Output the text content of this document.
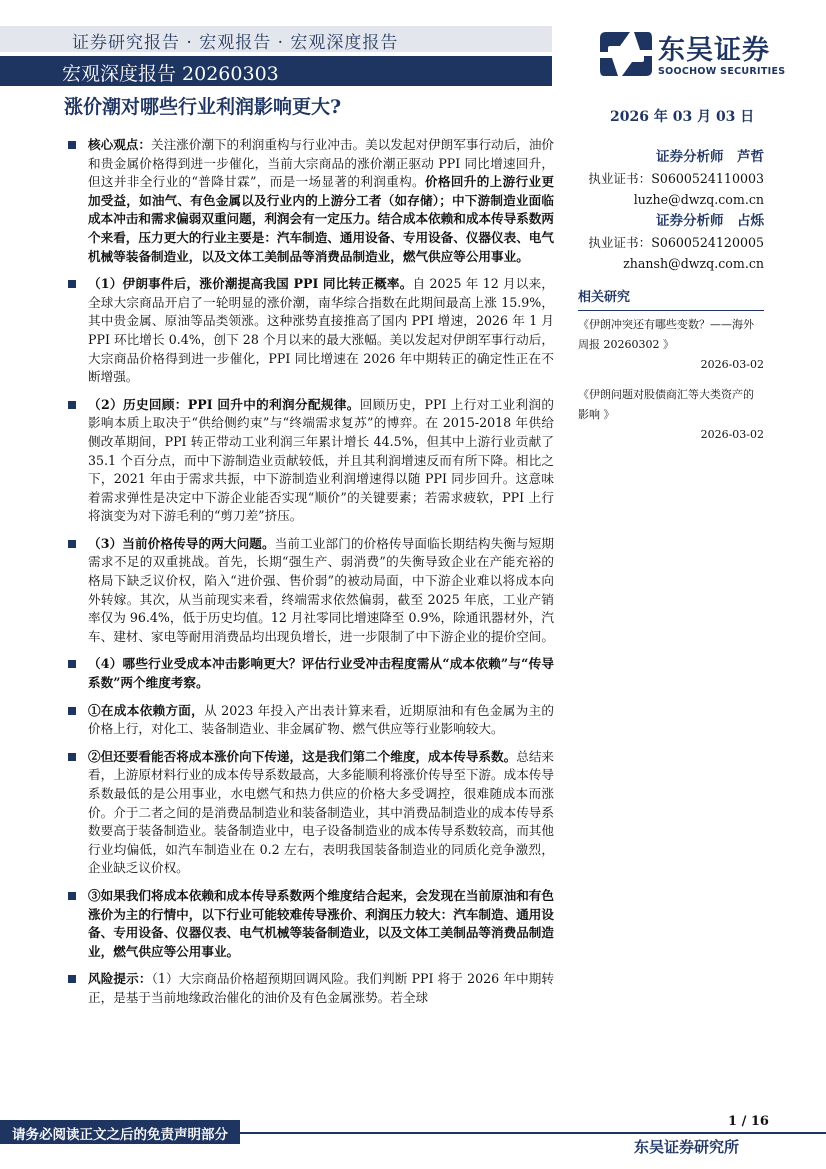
证券研究报告 · 宏观报告 · 宏观深度报告
宏观深度报告 20260303
东吴证券
SOOCHOW SECURITIES
涨价潮对哪些行业利润影响更大?	2026 年 03 月 03 日
核心观点：关注涨价潮下的利润重构与行业冲击。美以发起对伊朗军事行动后，油价和贵金属价格得到进一步催化，当前大宗商品的涨价潮正驱动 PPI 同比增速回升，但这并非全行业的“普降甘霖”，而是一场显著的利润重构。价格回升的上游行业更加受益，如油气、有色金属以及行业内的上游分工者（如存储）；中下游制造业面临成本冲击和需求偏弱双重问题，利润会有一定压力。结合成本依赖和成本传导系数两个来看，压力更大的行业主要是：汽车制造、通用设备、专用设备、仪器仪表、电气机械等装备制造业，以及文体工美制品等消费品制造业，燃气供应等公用事业。
（1）伊朗事件后，涨价潮提高我国 PPI 同比转正概率。自 2025 年 12 月以来，全球大宗商品开启了一轮明显的涨价潮，南华综合指数在此期间最高上涨 15.9%，其中贵金属、原油等品类领涨。这种涨势直接推高了国内 PPI 增速，2026 年 1 月 PPI 环比增长 0.4%，创下 28 个月以来的最大涨幅。美以发起对伊朗军事行动后，大宗商品价格得到进一步催化，PPI 同比增速在 2026 年中期转正的确定性正在不断增强。
（2）历史回顾：PPI 回升中的利润分配规律。回顾历史，PPI 上行对工业利润的影响本质上取决于“供给侧约束”与“终端需求复苏”的博弈。在 2015-2018 年供给侧改革期间，PPI 转正带动工业利润三年累计增长 44.5%，但其中上游行业贡献了 35.1 个百分点，而中下游制造业贡献较低，并且其利润增速反而有所下降。相比之下，2021 年由于需求共振，中下游制造业利润增速得以随 PPI 同步回升。这意味着需求弹性是决定中下游企业能否实现“顺价”的关键要素；若需求疲软，PPI 上行将演变为对下游毛利的“剪刀差”挤压。
（3）当前价格传导的两大问题。当前工业部门的价格传导面临长期结构失衡与短期需求不足的双重挑战。首先，长期“强生产、弱消费”的失衡导致企业在产能充裕的格局下缺乏议价权，陷入“进价强、售价弱”的被动局面，中下游企业难以将成本向外转嫁。其次，从当前现实来看，终端需求依然偏弱，截至 2025 年底，工业产销率仅为 96.4%，低于历史均值。12 月社零同比增速降至 0.9%，除通讯器材外，汽车、建材、家电等耐用消费品均出现负增长，进一步限制了中下游企业的提价空间。
（4）哪些行业受成本冲击影响更大？评估行业受冲击程度需从“成本依赖”与“传导系数”两个维度考察。
①在成本依赖方面，从 2023 年投入产出表计算来看，近期原油和有色金属为主的价格上行，对化工、装备制造业、非金属矿物、燃气供应等行业影响较大。
②但还要看能否将成本涨价向下传递，这是我们第二个维度，成本传导系数。总结来看，上游原材料行业的成本传导系数最高，大多能顺利将涨价传导至下游。成本传导系数最低的是公用事业，水电燃气和热力供应的价格大多受调控，很难随成本而涨价。介于二者之间的是消费品制造业和装备制造业，其中消费品制造业的成本传导系数要高于装备制造业。装备制造业中，电子设备制造业的成本传导系数较高，而其他行业均偏低，如汽车制造业在 0.2 左右，表明我国装备制造业的同质化竞争激烈，企业缺乏议价权。
③如果我们将成本依赖和成本传导系数两个维度结合起来，会发现在当前原油和有色涨价为主的行情中，以下行业可能较难传导涨价、利润压力较大：汽车制造、通用设备、专用设备、仪器仪表、电气机械等装备制造业，以及文体工美制品等消费品制造业，燃气供应等公用事业。
风险提示：（1）大宗商品价格超预期回调风险。我们判断 PPI 将于 2026 年中期转正，是基于当前地缘政治催化的油价及有色金属涨势。若全球
证券分析师　芦哲
执业证书：S0600524110003
luzhe@dwzq.com.cn
证券分析师　占烁
执业证书：S0600524120005
zhansh@dwzq.com.cn
相关研究
《伊朗冲突还有哪些变数？——海外周报 20260302 》
2026-03-02
《伊朗问题对股债商汇等大类资产的影响 》
2026-03-02
1 / 16
请务必阅读正文之后的免责声明部分
东吴证券研究所
